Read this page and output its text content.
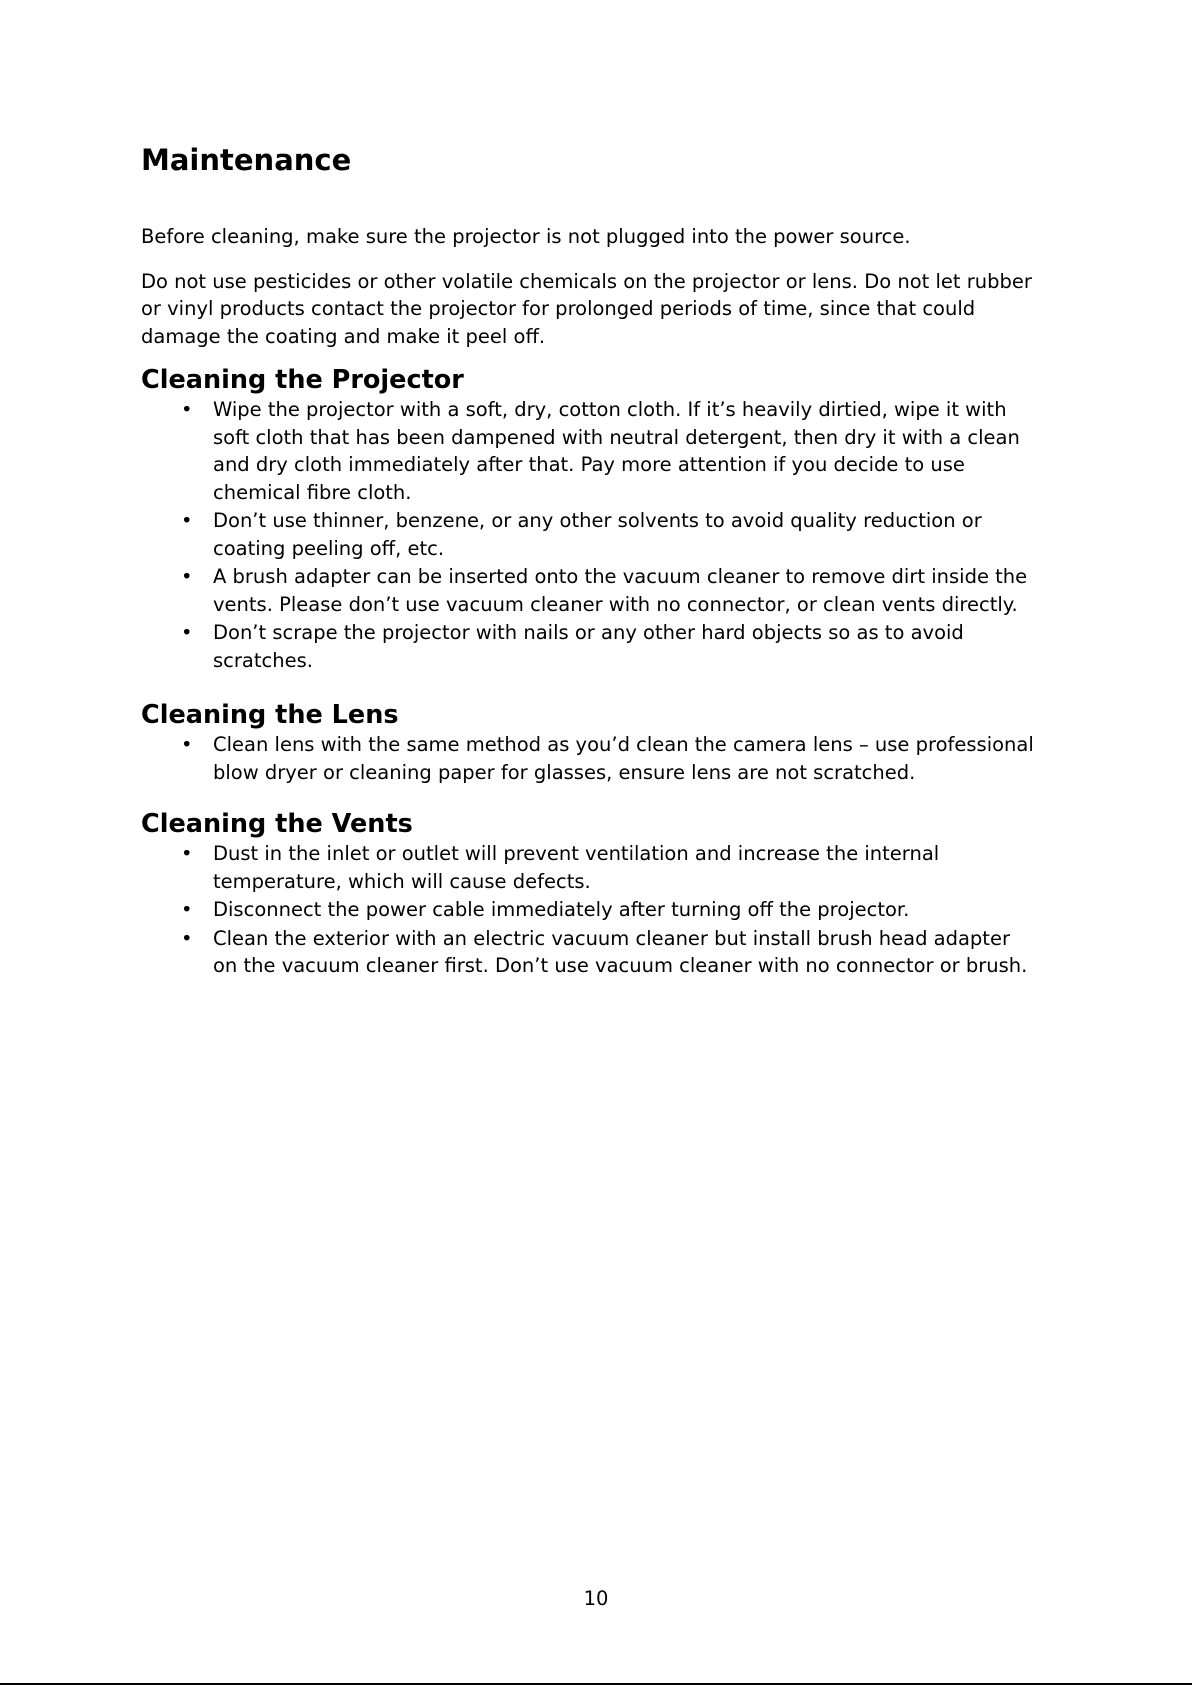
Maintenance

Before cleaning, make sure the projector is not plugged into the power source.

Do not use pesticides or other volatile chemicals on the projector or lens. Do not let rubber
or vinyl products contact the projector for prolonged periods of time, since that could
damage the coating and make it peel off.

Cleaning the Projector
• Wipe the projector with a soft, dry, cotton cloth. If it’s heavily dirtied, wipe it with
soft cloth that has been dampened with neutral detergent, then dry it with a clean
and dry cloth immediately after that. Pay more attention if you decide to use
chemical fibre cloth.
• Don’t use thinner, benzene, or any other solvents to avoid quality reduction or
coating peeling off, etc.
• A brush adapter can be inserted onto the vacuum cleaner to remove dirt inside the
vents. Please don’t use vacuum cleaner with no connector, or clean vents directly.
• Don’t scrape the projector with nails or any other hard objects so as to avoid
scratches.
Cleaning the Lens
• Clean lens with the same method as you’d clean the camera lens – use professional
blow dryer or cleaning paper for glasses, ensure lens are not scratched.
Cleaning the Vents
• Dust in the inlet or outlet will prevent ventilation and increase the internal
temperature, which will cause defects.
• Disconnect the power cable immediately after turning off the projector.
• Clean the exterior with an electric vacuum cleaner but install brush head adapter
on the vacuum cleaner first. Don’t use vacuum cleaner with no connector or brush.
10
